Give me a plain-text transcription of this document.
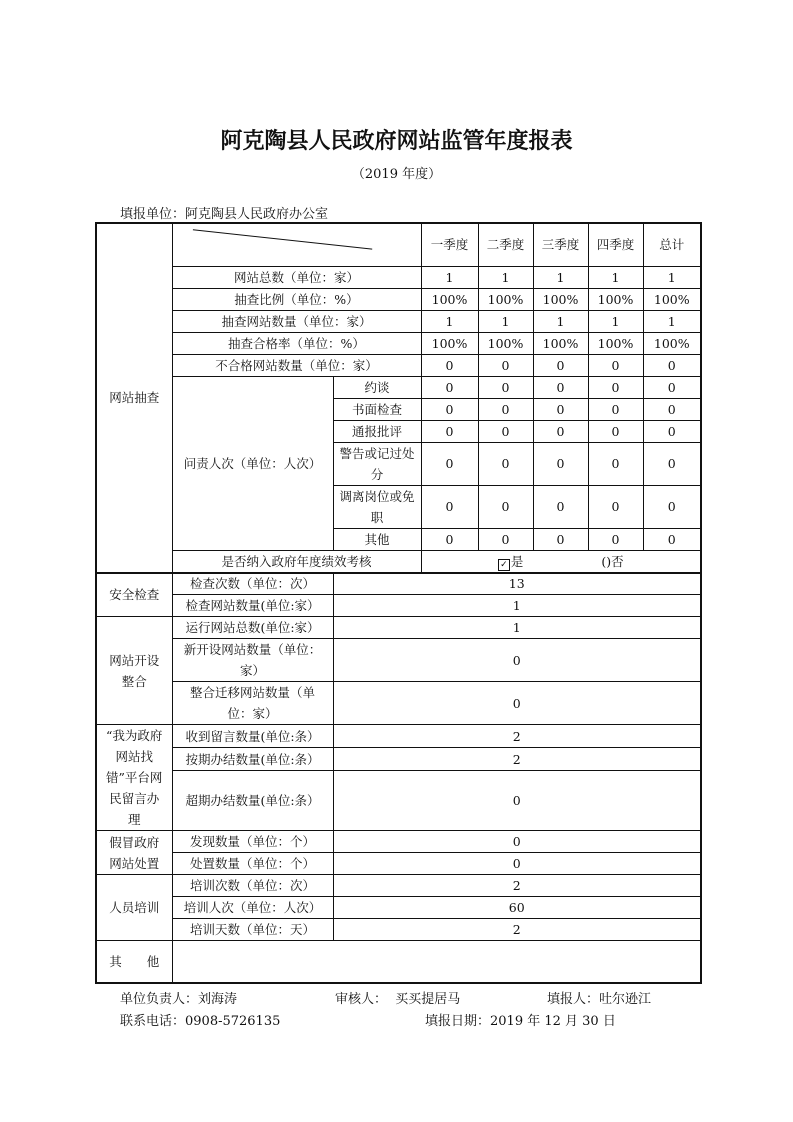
阿克陶县人民政府网站监管年度报表
（2019 年度）
填报单位：阿克陶县人民政府办公室
网站抽查			一季度	二季度	三季度	四季度	总计
	网站总数（单位：家）		1	1	1	1	1
	抽查比例（单位：%）		100%	100%	100%	100%	100%
	抽查网站数量（单位：家）		1	1	1	1	1
	抽查合格率（单位：%）		100%	100%	100%	100%	100%
	不合格网站数量（单位：家）		0	0	0	0	0
	问责人次（单位：人次）	约谈	0	0	0	0	0
		书面检查	0	0	0	0	0
		通报批评	0	0	0	0	0
		警告或记过处分	0	0	0	0	0
		调离岗位或免职	0	0	0	0	0
		其他	0	0	0	0	0
	是否纳入政府年度绩效考核		✓ 是 ()否				
安全检查	检查次数（单位：次）	13
	检查网站数量(单位:家）	1
网站开设整合	运行网站总数(单位:家）	1
	新开设网站数量（单位：家）	0
	整合迁移网站数量（单位：家）	0
“我为政府网站找错”平台网民留言办理	收到留言数量(单位:条）	2
	按期办结数量(单位:条）	2
	超期办结数量(单位:条）	0
假冒政府网站处置	发现数量（单位：个）	0
	处置数量（单位：个）	0
人员培训	培训次数（单位：次）	2
	培训人次（单位：人次）	60
	培训天数（单位：天）	2
其　　他		
单位负责人：刘海涛	审核人：  买买提居马	填报人：吐尔逊江
联系电话：0908-5726135	填报日期：2019 年 12 月 30 日
